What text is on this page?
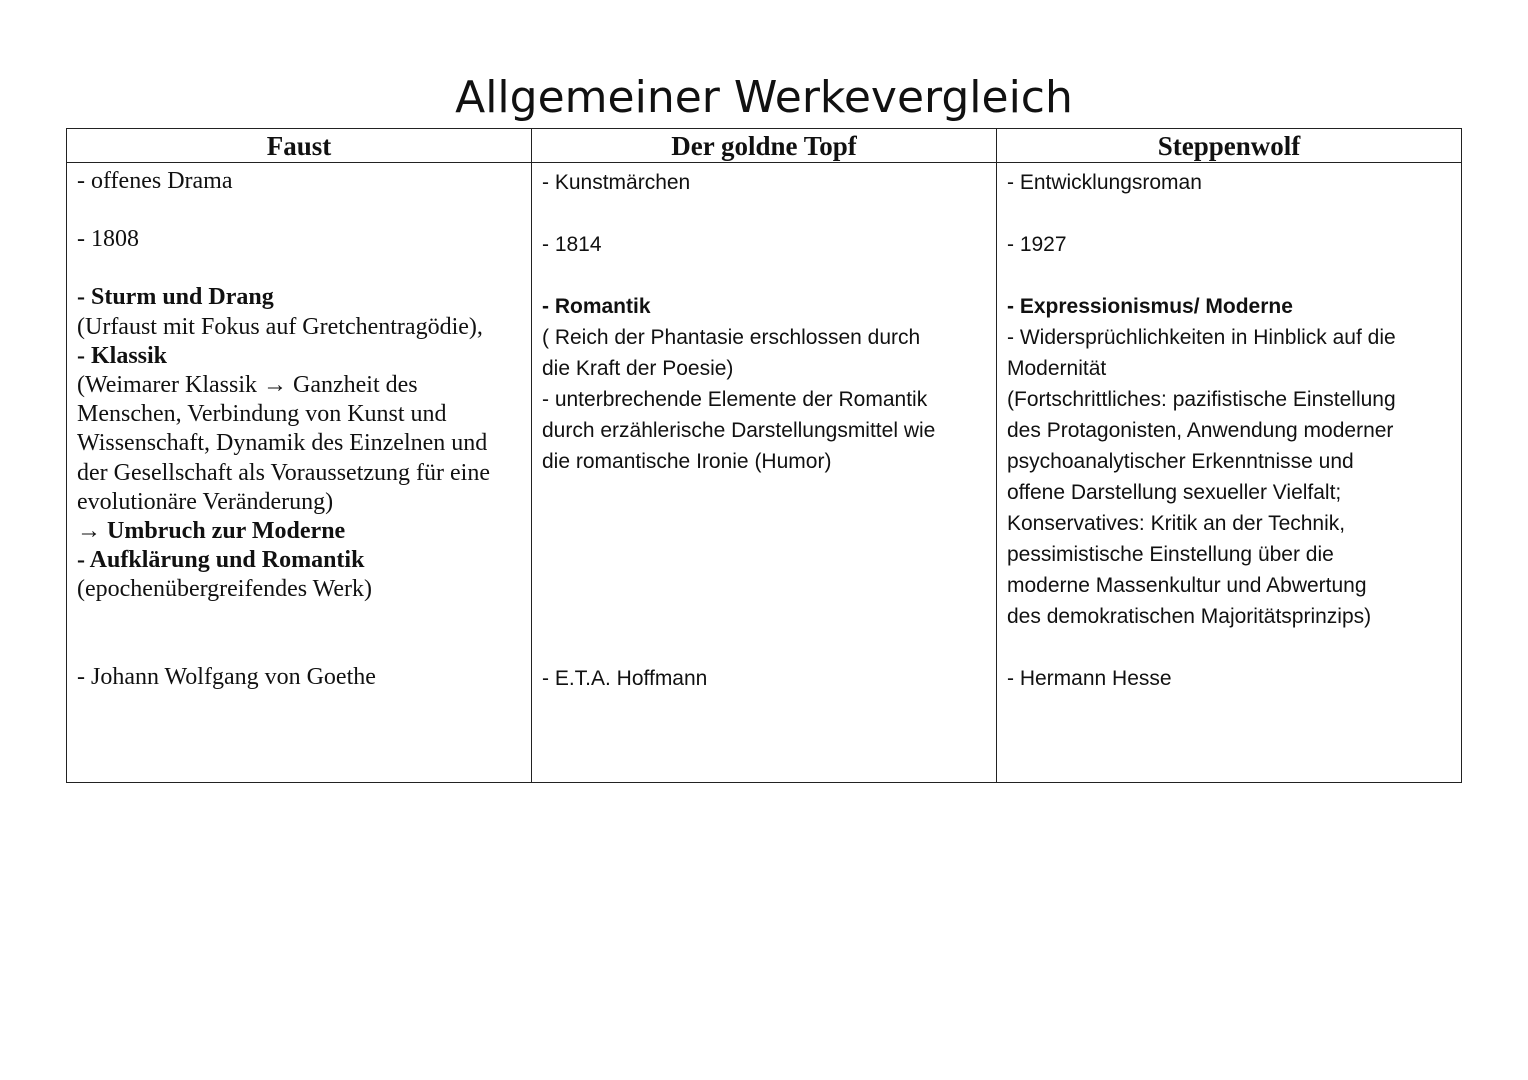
Allgemeiner Werkevergleich
Faust	Der goldne Topf	Steppenwolf
- offenes Drama
- 1808
- Sturm und Drang
(Urfaust mit Fokus auf Gretchentragödie),
- Klassik
(Weimarer Klassik → Ganzheit des
Menschen, Verbindung von Kunst und
Wissenschaft, Dynamik des Einzelnen und
der Gesellschaft als Voraussetzung für eine
evolutionäre Veränderung)
→ Umbruch zur Moderne
- Aufklärung und Romantik
(epochenübergreifendes Werk)
- Johann Wolfgang von Goethe
- Kunstmärchen
- 1814
- Romantik
( Reich der Phantasie erschlossen durch
die Kraft der Poesie)
- unterbrechende Elemente der Romantik
durch erzählerische Darstellungsmittel wie
die romantische Ironie (Humor)
- E.T.A. Hoffmann
- Entwicklungsroman
- 1927
- Expressionismus/ Moderne
- Widersprüchlichkeiten in Hinblick auf die
Modernität
(Fortschrittliches: pazifistische Einstellung
des Protagonisten, Anwendung moderner
psychoanalytischer Erkenntnisse und
offene Darstellung sexueller Vielfalt;
Konservatives: Kritik an der Technik,
pessimistische Einstellung über die
moderne Massenkultur und Abwertung
des demokratischen Majoritätsprinzips)
- Hermann Hesse
